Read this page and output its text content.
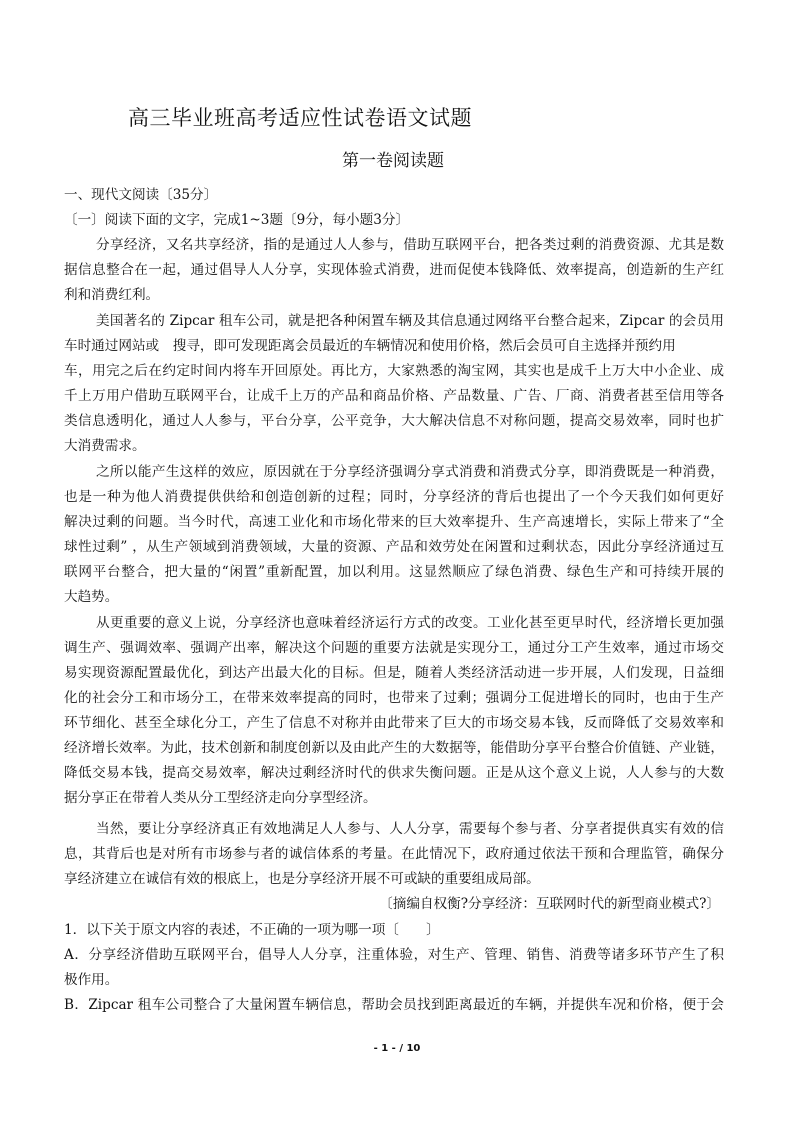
高三毕业班高考适应性试卷语文试题
第一卷阅读题
一、现代文阅读〔35分〕
〔一〕阅读下面的文字，完成1~3题〔9分，每小题3分〕
分享经济，又名共享经济，指的是通过人人参与，借助互联网平台，把各类过剩的消费资源、尤其是数
据信息整合在一起，通过倡导人人分享，实现体验式消费，进而促使本钱降低、效率提高，创造新的生产红
利和消费红利。
美国著名的 Zipcar 租车公司，就是把各种闲置车辆及其信息通过网络平台整合起来，Zipcar 的会员用
车时通过网站或　搜寻，即可发现距离会员最近的车辆情况和使用价格，然后会员可自主选择并预约用
车，用完之后在约定时间内将车开回原处。再比方，大家熟悉的淘宝网，其实也是成千上万大中小企业、成
千上万用户借助互联网平台，让成千上万的产品和商品价格、产品数量、广告、厂商、消费者甚至信用等各
类信息透明化，通过人人参与，平台分享，公平竞争，大大解决信息不对称问题，提高交易效率，同时也扩
大消费需求。
之所以能产生这样的效应，原因就在于分享经济强调分享式消费和消费式分享，即消费既是一种消费，
也是一种为他人消费提供供给和创造创新的过程；同时，分享经济的背后也提出了一个今天我们如何更好
解决过剩的问题。当今时代，高速工业化和市场化带来的巨大效率提升、生产高速增长，实际上带来了“全
球性过剩” ，从生产领域到消费领域，大量的资源、产品和效劳处在闲置和过剩状态，因此分享经济通过互
联网平台整合，把大量的“闲置”重新配置，加以利用。这显然顺应了绿色消费、绿色生产和可持续开展的
大趋势。
从更重要的意义上说，分享经济也意味着经济运行方式的改变。工业化甚至更早时代，经济增长更加强
调生产、强调效率、强调产出率，解决这个问题的重要方法就是实现分工，通过分工产生效率，通过市场交
易实现资源配置最优化，到达产出最大化的目标。但是，随着人类经济活动进一步开展，人们发现，日益细
化的社会分工和市场分工，在带来效率提高的同时，也带来了过剩；强调分工促进增长的同时，也由于生产
环节细化、甚至全球化分工，产生了信息不对称并由此带来了巨大的市场交易本钱，反而降低了交易效率和
经济增长效率。为此，技术创新和制度创新以及由此产生的大数据等，能借助分享平台整合价值链、产业链，
降低交易本钱，提高交易效率，解决过剩经济时代的供求失衡问题。正是从这个意义上说，人人参与的大数
据分享正在带着人类从分工型经济走向分享型经济。
当然，要让分享经济真正有效地满足人人参与、人人分享，需要每个参与者、分享者提供真实有效的信
息，其背后也是对所有市场参与者的诚信体系的考量。在此情况下，政府通过依法干预和合理监管，确保分
享经济建立在诚信有效的根底上，也是分享经济开展不可或缺的重要组成局部。
〔摘编自权衡?分享经济：互联网时代的新型商业模式?〕
1．以下关于原文内容的表述，不正确的一项为哪一项〔　　〕
A．分享经济借助互联网平台，倡导人人分享，注重体验，对生产、管理、销售、消费等诸多环节产生了积
极作用。
B．Zipcar 租车公司整合了大量闲置车辆信息，帮助会员找到距离最近的车辆，并提供车况和价格，便于会
- 1 - / 10
